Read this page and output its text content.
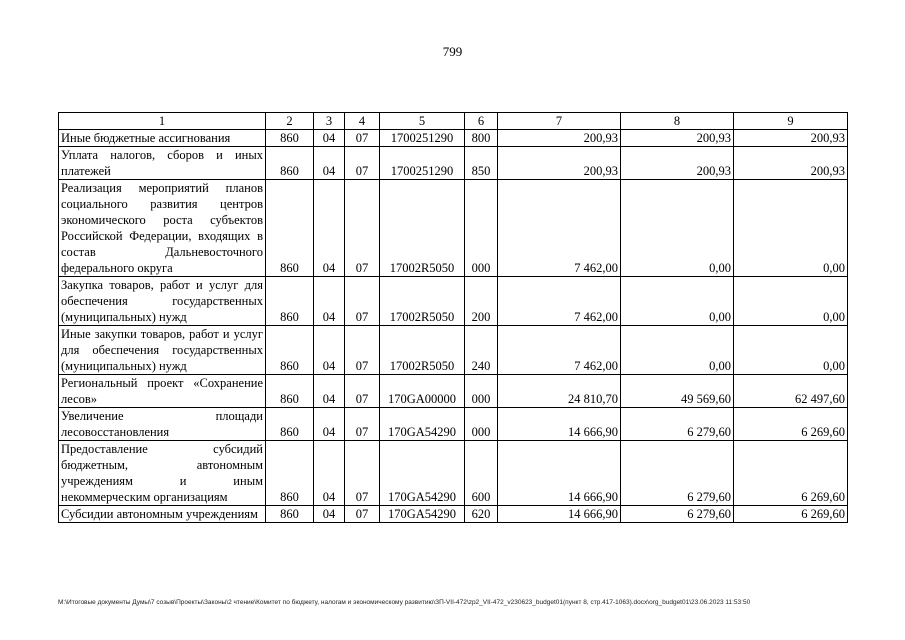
799
1	2	3	4	5	6	7	8	9
Иные бюджетные ассигнования	860	04	07	1700251290	800	200,93	200,93	200,93
Уплата налогов, сборов и иных платежей	860	04	07	1700251290	850	200,93	200,93	200,93
Реализация мероприятий планов социального развития центров экономического роста субъектов Российской Федерации, входящих в состав Дальневосточного федерального округа	860	04	07	17002R5050	000	7 462,00	0,00	0,00
Закупка товаров, работ и услуг для обеспечения государственных (муниципальных) нужд	860	04	07	17002R5050	200	7 462,00	0,00	0,00
Иные закупки товаров, работ и услуг для обеспечения государственных (муниципальных) нужд	860	04	07	17002R5050	240	7 462,00	0,00	0,00
Региональный проект «Сохранение лесов»	860	04	07	170GA00000	000	24 810,70	49 569,60	62 497,60
Увеличение площади лесовосстановления	860	04	07	170GA54290	000	14 666,90	6 279,60	6 269,60
Предоставление субсидий бюджетным, автономным учреждениям и иным некоммерческим организациям	860	04	07	170GA54290	600	14 666,90	6 279,60	6 269,60
Субсидии автономным учреждениям	860	04	07	170GA54290	620	14 666,90	6 279,60	6 269,60
M:\Итоговые документы Думы\7 созыв\Проекты\Законы\2 чтение\Комитет по бюджету, налогам и экономическому развитию\ЗП-VII-472\zp2_VII-472_v230623_budget01(пункт 8, стр.417-1063).docx\org_budget01\23.06.2023 11:53:50
